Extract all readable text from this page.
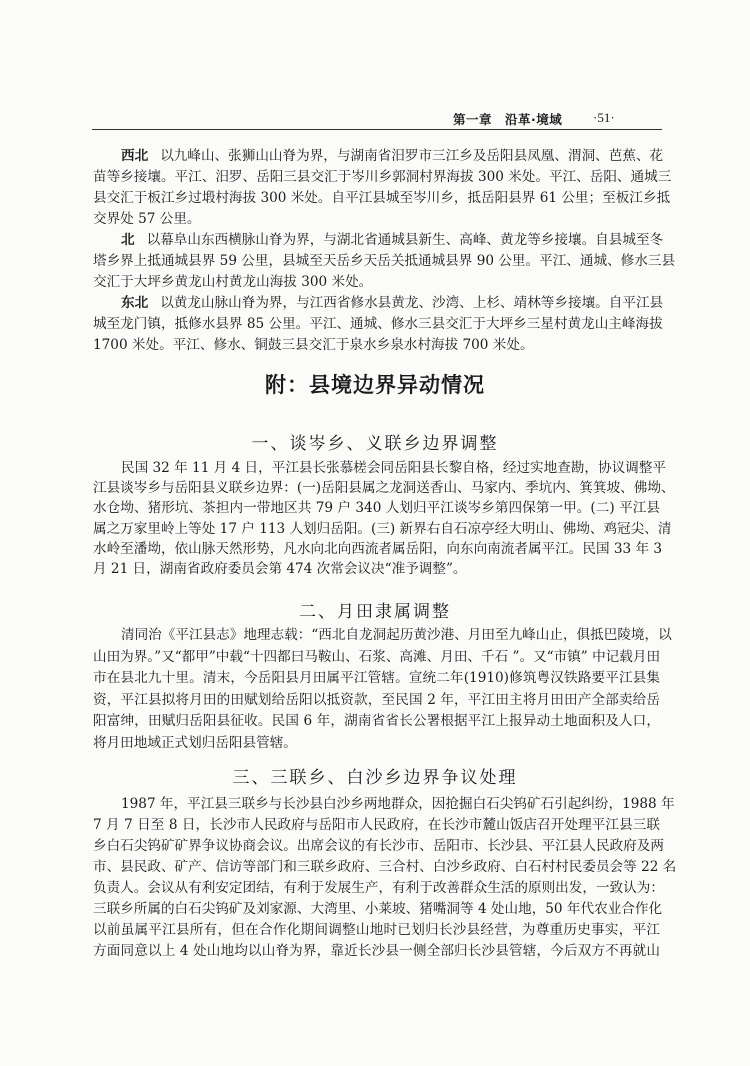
第一章　沿革·境域 ·51·
西北 以九峰山、张狮山山脊为界，与湖南省汨罗市三江乡及岳阳县凤凰、渭洞、芭蕉、花
苗等乡接壤。平江、汨罗、岳阳三县交汇于岑川乡郭洞村界海拔 300 米处。平江、岳阳、通城三
县交汇于板江乡过塅村海拔 300 米处。自平江县城至岑川乡，抵岳阳县界 61 公里；至板江乡抵
交界处 57 公里。
北 以幕阜山东西横脉山脊为界，与湖北省通城县新生、高峰、黄龙等乡接壤。自县城至冬
塔乡界上抵通城县界 59 公里，县城至天岳乡天岳关抵通城县界 90 公里。平江、通城、修水三县
交汇于大坪乡黄龙山村黄龙山海拔 300 米处。
东北 以黄龙山脉山脊为界，与江西省修水县黄龙、沙湾、上杉、靖林等乡接壤。自平江县
城至龙门镇，抵修水县界 85 公里。平江、通城、修水三县交汇于大坪乡三星村黄龙山主峰海拔
1700 米处。平江、修水、铜鼓三县交汇于泉水乡泉水村海拔 700 米处。
附：县境边界异动情况
一、谈岑乡、义联乡边界调整
民国 32 年 11 月 4 日，平江县长张慕槎会同岳阳县长黎自格，经过实地查勘，协议调整平
江县谈岑乡与岳阳县义联乡边界：(一)岳阳县属之龙洞送香山、马家内、季坑内、箕箕坡、佛坳、
水仓坳、猪形坑、茶担内一带地区共 79 户 340 人划归平江谈岑乡第四保第一甲。(二) 平江县
属之万家里岭上等处 17 户 113 人划归岳阳。(三) 新界右自石凉亭经大明山、佛坳、鸡冠尖、清
水岭至潘坳，依山脉天然形势，凡水向北向西流者属岳阳，向东向南流者属平江。民国 33 年 3
月 21 日，湖南省政府委员会第 474 次常会议决“准予调整”。
二、月田隶属调整
清同治《平江县志》地理志载：“西北自龙洞起历黄沙港、月田至九峰山止，俱抵巴陵境，以
山田为界。”又“都甲”中载“十四都曰马鞍山、石浆、高滩、月田、千石 ”。又“市镇” 中记载月田
市在县北九十里。清末，今岳阳县月田属平江管辖。宣统二年(1910)修筑粤汉铁路要平江县集
资，平江县拟将月田的田赋划给岳阳以抵资款，至民国 2 年，平江田主将月田田产全部卖给岳
阳富绅，田赋归岳阳县征收。民国 6 年，湖南省省长公署根据平江上报异动土地面积及人口，
将月田地域正式划归岳阳县管辖。
三、三联乡、白沙乡边界争议处理
1987 年，平江县三联乡与长沙县白沙乡两地群众，因抢掘白石尖钨矿石引起纠纷，1988 年
7 月 7 日至 8 日，长沙市人民政府与岳阳市人民政府，在长沙市麓山饭店召开处理平江县三联
乡白石尖钨矿矿界争议协商会议。出席会议的有长沙市、岳阳市、长沙县、平江县人民政府及两
市、县民政、矿产、信访等部门和三联乡政府、三合村、白沙乡政府、白石村村民委员会等 22 名
负责人。会议从有利安定团结，有利于发展生产，有利于改善群众生活的原则出发，一致认为：
三联乡所属的白石尖钨矿及刘家源、大湾里、小莱坡、猪嘴洞等 4 处山地，50 年代农业合作化
以前虽属平江县所有，但在合作化期间调整山地时已划归长沙县经营，为尊重历史事实，平江
方面同意以上 4 处山地均以山脊为界，靠近长沙县一侧全部归长沙县管辖，今后双方不再就山
